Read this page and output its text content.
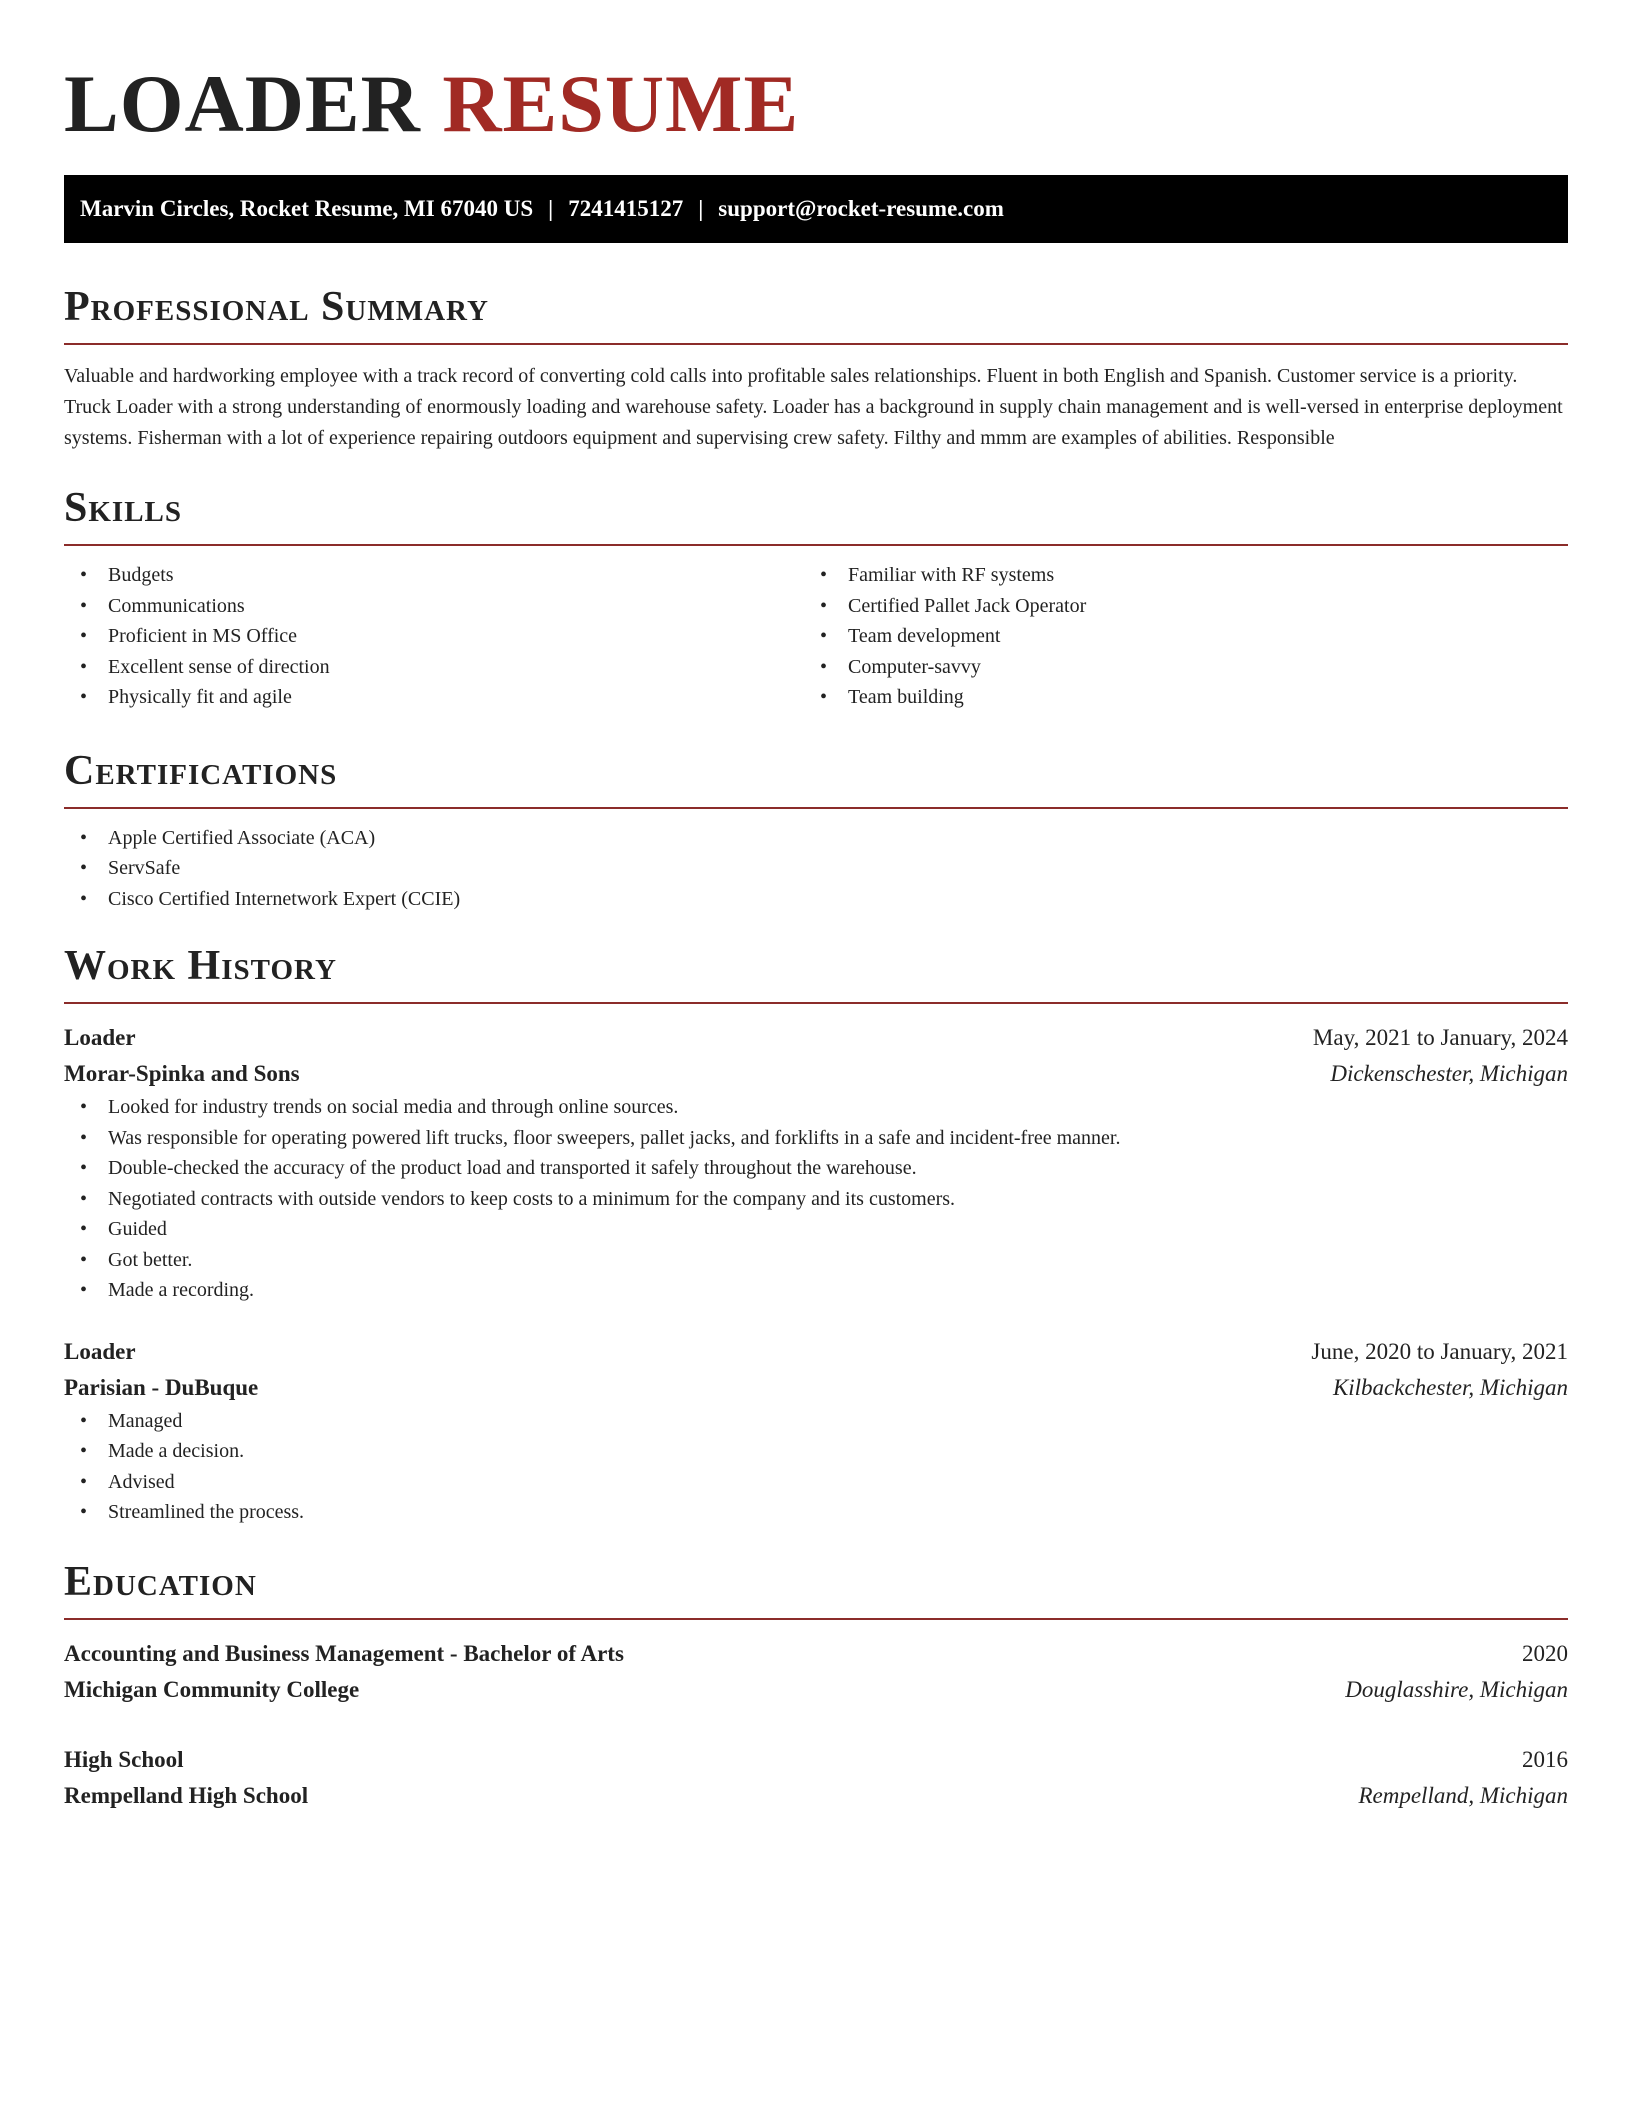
LOADER RESUME
Marvin Circles, Rocket Resume, MI 67040 US | 7241415127 | support@rocket-resume.com
Professional Summary
Valuable and hardworking employee with a track record of converting cold calls into profitable sales relationships. Fluent in both English and Spanish. Customer service is a priority. Truck Loader with a strong understanding of enormously loading and warehouse safety. Loader has a background in supply chain management and is well-versed in enterprise deployment systems. Fisherman with a lot of experience repairing outdoors equipment and supervising crew safety. Filthy and mmm are examples of abilities. Responsible
Skills
• Budgets
• Communications
• Proficient in MS Office
• Excellent sense of direction
• Physically fit and agile
• Familiar with RF systems
• Certified Pallet Jack Operator
• Team development
• Computer-savvy
• Team building
Certifications
• Apple Certified Associate (ACA)
• ServSafe
• Cisco Certified Internetwork Expert (CCIE)
Work History
Loader	May, 2021 to January, 2024
Morar-Spinka and Sons	Dickenschester, Michigan
• Looked for industry trends on social media and through online sources.
• Was responsible for operating powered lift trucks, floor sweepers, pallet jacks, and forklifts in a safe and incident-free manner.
• Double-checked the accuracy of the product load and transported it safely throughout the warehouse.
• Negotiated contracts with outside vendors to keep costs to a minimum for the company and its customers.
• Guided
• Got better.
• Made a recording.
Loader	June, 2020 to January, 2021
Parisian - DuBuque	Kilbackchester, Michigan
• Managed
• Made a decision.
• Advised
• Streamlined the process.
Education
Accounting and Business Management - Bachelor of Arts	2020
Michigan Community College	Douglasshire, Michigan
High School	2016
Rempelland High School	Rempelland, Michigan
